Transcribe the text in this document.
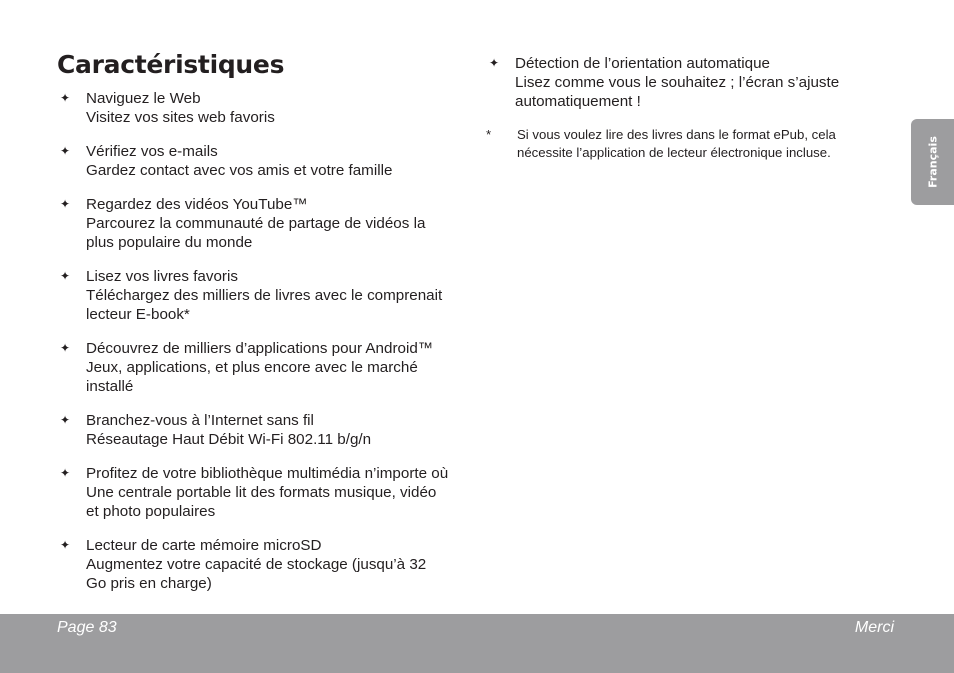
Caractéristiques
✦ Naviguez le Web
Visitez vos sites web favoris
✦ Vérifiez vos e-mails
Gardez contact avec vos amis et votre famille
✦ Regardez des vidéos YouTube™
Parcourez la communauté de partage de vidéos la
plus populaire du monde
✦ Lisez vos livres favoris
Téléchargez des milliers de livres avec le comprenait
lecteur E-book*
✦ Découvrez de milliers d’applications pour Android™
Jeux, applications, et plus encore avec le marché
installé
✦ Branchez-vous à l’Internet sans fil
Réseautage Haut Débit Wi-Fi 802.11 b/g/n
✦ Profitez de votre bibliothèque multimédia n’importe où
Une centrale portable lit des formats musique, vidéo
et photo populaires
✦ Lecteur de carte mémoire microSD
Augmentez votre capacité de stockage (jusqu’à 32
Go pris en charge)
✦ Détection de l’orientation automatique
Lisez comme vous le souhaitez ; l’écran s’ajuste
automatiquement !
* Si vous voulez lire des livres dans le format ePub, cela
nécessite l’application de lecteur électronique incluse.	Français
Page 83	Merci
